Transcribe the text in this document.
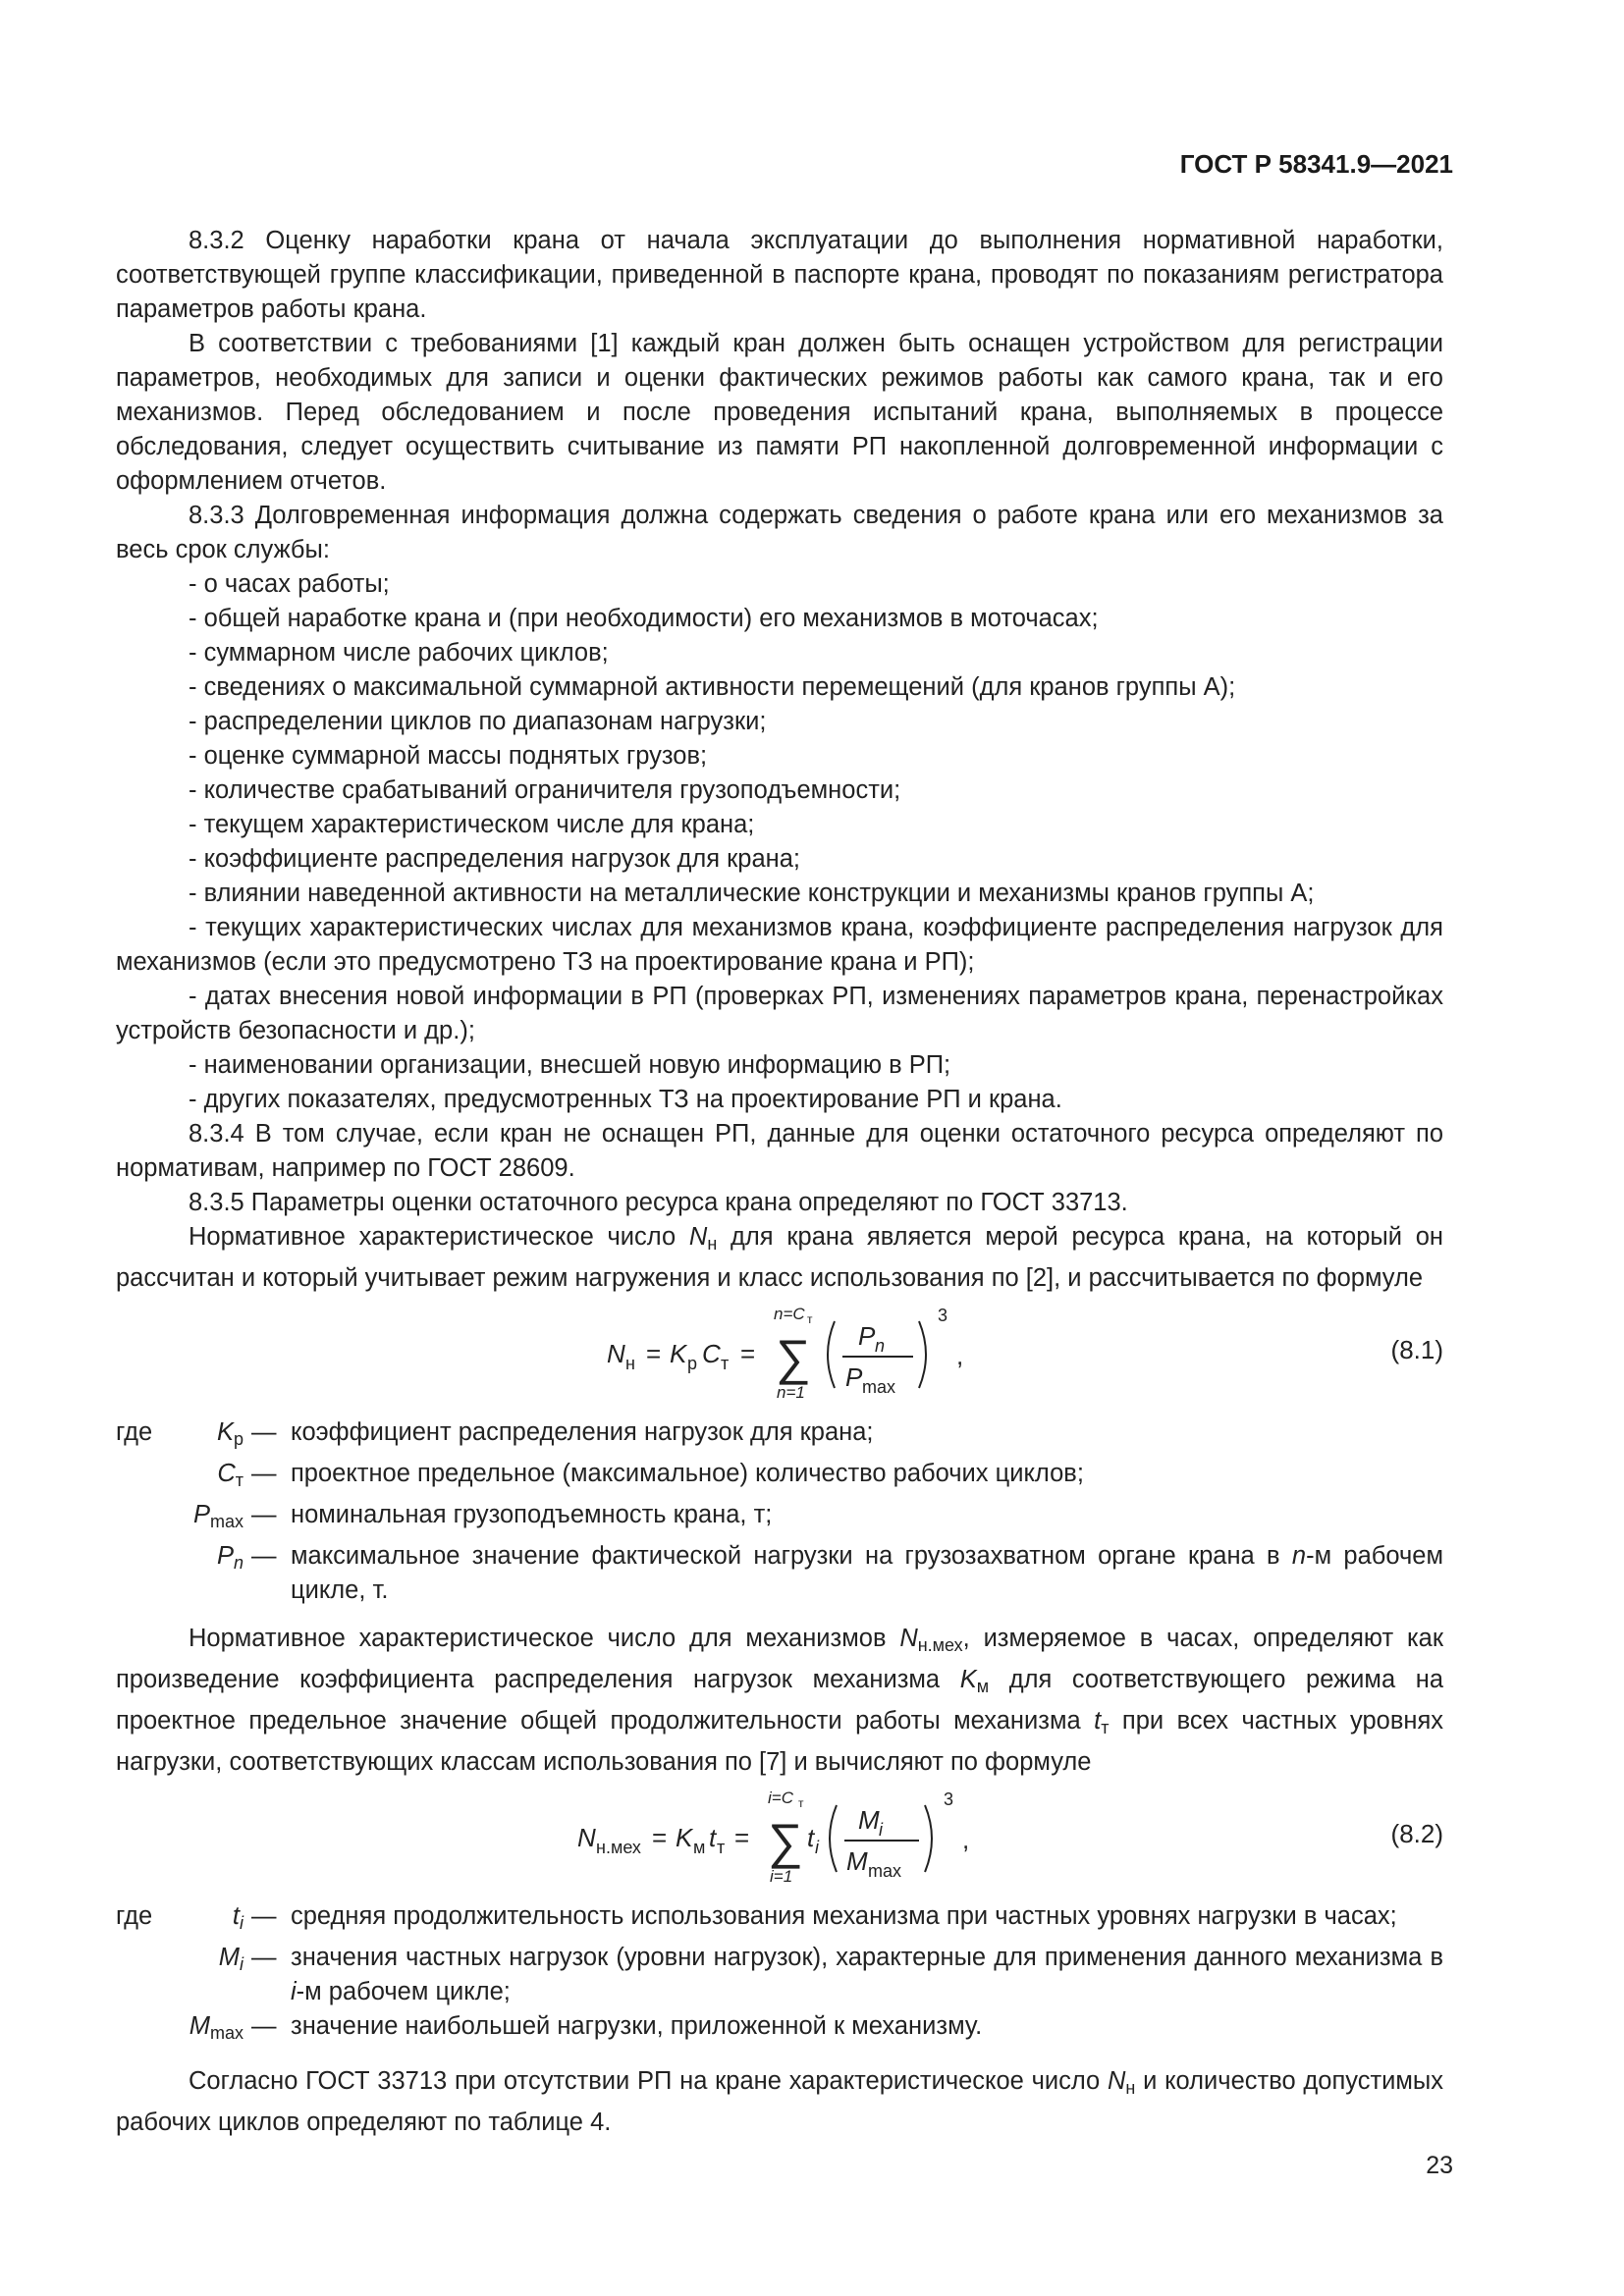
ГОСТ Р 58341.9—2021

8.3.2 Оценку наработки крана от начала эксплуатации до выполнения нормативной наработки, соответствующей группе классификации, приведенной в паспорте крана, проводят по показаниям регистратора параметров работы крана.

В соответствии с требованиями [1] каждый кран должен быть оснащен устройством для регистрации параметров, необходимых для записи и оценки фактических режимов работы как самого крана, так и его механизмов. Перед обследованием и после проведения испытаний крана, выполняемых в процессе обследования, следует осуществить считывание из памяти РП накопленной долговременной информации с оформлением отчетов.

8.3.3 Долговременная информация должна содержать сведения о работе крана или его механизмов за весь срок службы:

- о часах работы;

- общей наработке крана и (при необходимости) его механизмов в моточасах;

- суммарном числе рабочих циклов;

- сведениях о максимальной суммарной активности перемещений (для кранов группы А);

- распределении циклов по диапазонам нагрузки;

- оценке суммарной массы поднятых грузов;

- количестве срабатываний ограничителя грузоподъемности;

- текущем характеристическом числе для крана;

- коэффициенте распределения нагрузок для крана;

- влиянии наведенной активности на металлические конструкции и механизмы кранов группы А;

- текущих характеристических числах для механизмов крана, коэффициенте распределения нагрузок для механизмов (если это предусмотрено ТЗ на проектирование крана и РП);

- датах внесения новой информации в РП (проверках РП, изменениях параметров крана, перенастройках устройств безопасности и др.);

- наименовании организации, внесшей новую информацию в РП;

- других показателях, предусмотренных ТЗ на проектирование РП и крана.

8.3.4 В том случае, если кран не оснащен РП, данные для оценки остаточного ресурса определяют по нормативам, например по ГОСТ 28609.

8.3.5 Параметры оценки остаточного ресурса крана определяют по ГОСТ 33713.

Нормативное характеристическое число $N_н$ для крана является мерой ресурса крана, на который он рассчитан и который учитывает режим нагружения и класс использования по [2], и рассчитывается по формуле

N н = K р C т =
n=C т
∑
n=1
P n
P max
3
,	(8.1)
где	$K_р$ — коэффициент распределения нагрузок для крана;
$C_т$ — проектное предельное (максимальное) количество рабочих циклов;
$P_{max}$ — номинальная грузоподъемность крана, т;
$P_n$ — максимальное значение фактической нагрузки на грузозахватном органе крана в n-м рабочем цикле, т.

Нормативное характеристическое число для механизмов $N_{н.мех}$, измеряемое в часах, определяют как произведение коэффициента распределения нагрузок механизма $K_м$ для соответствующего режима на проектное предельное значение общей продолжительности работы механизма $t_т$ при всех частных уровнях нагрузки, соответствующих классам использования по [7] и вычисляют по формуле

N н.мех = K м t т =
i=C т
∑
i=1
t i
M i
M max
3
,	(8.2)
где	$t_i$ — средняя продолжительность использования механизма при частных уровнях нагрузки в часах;
$M_i$ — значения частных нагрузок (уровни нагрузок), характерные для применения данного механизма в i-м рабочем цикле;
$M_{max}$ — значение наибольшей нагрузки, приложенной к механизму.

Согласно ГОСТ 33713 при отсутствии РП на кране характеристическое число $N_н$ и количество допустимых рабочих циклов определяют по таблице 4.

23
